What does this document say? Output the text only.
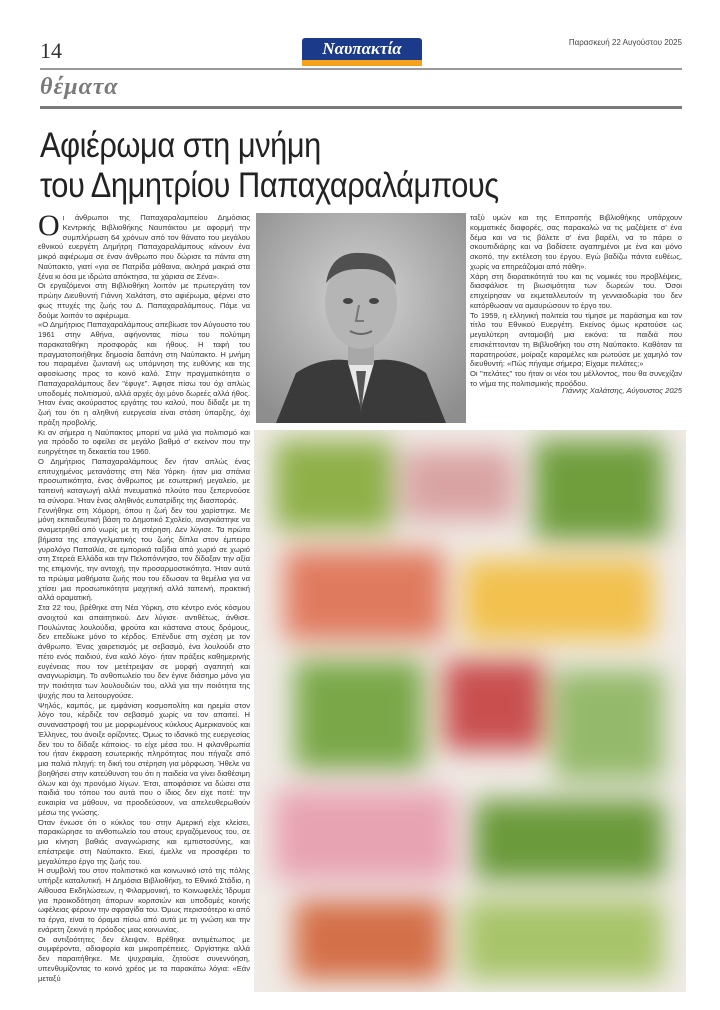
14	Ναυπακτία	Παρασκευή 22 Αυγούστου 2025
θέματα
Αφιέρωμα στη μνήμη
του Δημητρίου Παπαχαραλάμπους
Ο ι άνθρωποι της Παπαχαραλαμπείου Δημόσιας Κεντρικής Βιβλιοθήκης Ναυπάκτου με αφορμή την συμπλήρωση 64 χρόνων από τον θάνατο του μεγάλου εθνικού ευεργέτη Δημήτρη Παπαχαραλάμπους κάνουν ένα μικρό αφιέρωμα σε έναν άνθρωπο που δώρισε τα πάντα στη Ναύπακτο, γιατί «για σε Πατρίδα μάθαινα, ακληρά μακριά στα ξένα κι όσα με ιδρώτα απόκτησα, τα χάρισα σε Σένα».

Οι εργαζόμενοι στη Βιβλιοθήκη λοιπόν με πρωτεργάτη τον πρώην Διευθυντή Γιάννη Χαλάτση, στο αφιέρωμα, φέρνει στο φως πτυχές της ζωής του Δ. Παπαχαραλάμπους. Πάμε να δούμε λοιπόν το αφιέρωμα.

«Ο Δημήτριος Παπαχαραλάμπους απεβίωσε τον Αύγουστο του 1961 στην Αθήνα, αφήνοντας πίσω του πολύτιμη παρακαταθήκη προσφοράς και ήθους. Η ταφή του πραγματοποιήθηκε δημοσία δαπάνη στη Ναύπακτο. Η μνήμη του παραμένει ζωντανή ως υπόμνηση της ευθύνης και της αφοσίωσης προς το κοινό καλό. Στην πραγματικότητα ο Παπαχαραλάμπους δεν "έφυγε". Άφησε πίσω του όχι απλώς υποδομές πολιτισμού, αλλά αρχές όχι μόνο δωρεές αλλά ήθος. Ήταν ένας ακούραστος εργάτης του καλού, που δίδαξε με τη ζωή του ότι η αληθινή ευεργεσία είναι στάση ύπαρξης, όχι πράξη προβολής.

Κι αν σήμερα η Ναύπακτος μπορεί να μιλά για πολιτισμό και για πρόοδο το οφείλει σε μεγάλο βαθμό σ' εκείνον που την ευηργέτησε τη δεκαετία του 1960.

Ο Δημήτριος Παπαχαραλάμπους δεν ήταν απλώς ένας επιτυχημένος μετανάστης στη Νέα Υόρκη· ήταν μια σπάνια προσωπικότητα, ένας άνθρωπος με εσωτερική μεγαλείο, με ταπεινή καταγωγή αλλά πνευματικό πλούτο που ξεπερνούσε τα σύνορα. Ήταν ένας αληθινός ευπατρίδης της διασποράς.

Γεννήθηκε στη Χόμορη, όπου η ζωή δεν του χαρίστηκε. Με μόνη εκπαιδευτική βάση το Δημοτικό Σχολείο, αναγκάστηκε να αναμετρηθεί από νωρίς με τη στέρηση. Δεν λύγισε. Τα πρώτα βήματα της επαγγελματικής του ζωής δίπλα στον έμπειρο γυρολόγο Παπαϊλία, σε εμπορικά ταξίδια από χωριό σε χωριό στη Στερεά Ελλάδα και την Πελοπόννησο, τον δίδαξαν την αξία της επιμονής, την αντοχή, την προσαρμοστικότητα. Ήταν αυτά τα πρώιμα μαθήματα ζωής που του έδωσαν τα θεμέλια για να χτίσει μια προσωπικότητα μαχητική αλλά ταπεινή, πρακτική αλλά οραματική.

Στα 22 του, βρέθηκε στη Νέα Υόρκη, στο κέντρο ενός κόσμου ανοιχτού και απαιτητικού. Δεν λύγισε· αντιθέτως, άνθισε. Πουλώντας λουλούδια, φρούτα και κάστανα στους δρόμους, δεν επεδίωκε μόνο το κέρδος. Επένδυε στη σχέση με τον άνθρωπο. Ένας χαιρετισμός με σεβασμό, ένα λουλούδι στο πέτο ενός παιδιού, ένα καλό λόγο· ήταν πράξεις καθημερινής ευγένειας που τον μετέτρεψαν σε μορφή αγαπητή και αναγνωρίσιμη. Το ανθοπωλείο του δεν έγινε διάσημο μόνο για την ποιότητα των λουλουδιών του, αλλά για την ποιότητα της ψυχής που τα λειτουργούσε.

Ψηλός, καμπός, με εμφάνιση κοσμοπολίτη και ηρεμία στον λόγο του, κέρδιζε τον σεβασμό χωρίς να τον απαιτεί. Η συναναστροφή του με μορφωμένους κύκλους Αμερικανούς και Έλληνες, του άνοιξε ορίζοντες. Όμως το ιδανικό της ευεργεσίας δεν του το δίδαξε κάποιος· το είχε μέσα του. Η φιλανθρωπία του ήταν έκφραση εσωτερικής πληρότητας που πήγαζε από μια παλιά πληγή: τη δική του στέρηση για μόρφωση. Ήθελε να βοηθήσει στην κατεύθυνση του ότι η παιδεία να γίνει διαθέσιμη όλων και όχι προνόμιο λίγων. Έτσι, αποφάσισε να δώσει στα παιδιά του τόπου του αυτά που ο ίδιος δεν είχε ποτέ: την ευκαιρία να μάθουν, να προοδεύσουν, να απελευθερωθούν μέσω της γνώσης.

Όταν ένιωσε ότι ο κύκλος του στην Αμερική είχε κλείσει, παρακώρησε το ανθοπωλείο του στους εργαζόμενους του, σε μια κίνηση βαθιάς αναγνώρισης και εμπιστοσύνης, και επέστρεψε στη Ναύπακτο. Εκεί, έμελλε να προσφέρει το μεγαλύτερο έργο της ζωής του.

Η συμβολή του στον πολιτιστικό και κοινωνικό ιστό της πόλης υπήρξε καταλυτική. Η Δημόσια Βιβλιοθήκη, το Εθνικό Στάδιο, η Αίθουσα Εκδηλώσεων, η Φιλαρμονική, το Κοινωφελές Ίδρυμα για προικοδότηση άπορων κοριτσιών και υποδομές κοινής ωφέλειας φέρουν την σφραγίδα του. Όμως περισσότερο κι από τα έργα, είναι το όραμα πίσω από αυτά με τη γνώση και την ενάρετη ζεκινά η πρόοδος μιας κοινωνίας.

Οι αντιξοότητες δεν έλειψαν. Βρέθηκε αντιμέτωπος με συμφέροντα, αδιαφορία και μικροπρέπειες. Οργίστηκε αλλά δεν παραιτήθηκε. Με ψυχραιμία, ζητούσε συνεννόηση, υπενθυμίζοντας το κοινό χρέος με τα παρακάτω λόγια: «Εάν μεταξύ

ταξύ υμών και της Επιτροπής Βιβλιοθήκης υπάρχουν κομματικές διαφορές, σας παρακαλώ να τις μαζέψετε σ' ένα δέμα και να τις βάλετε σ' ένα βαρέλι, να το πάρει ο σκουπιδιάρης και να βαδίσετε αγαπημένοι με ένα και μόνο σκοπό, την εκτέλεση του έργου. Εγώ βαδίζω πάντα ευθέως, χωρίς να επηρεάζομαι από πάθη».

Χάρη στη διορατικότητά του και τις νομικές του προβλέψεις, διασφάλισε τη βιωσιμότητα των δωρεών του. Όσοι επιχείρησαν να εκμεταλλευτούν τη γενναιοδωρία του δεν κατόρθωσαν να αμαυρώσουν το έργο του.

Το 1959, η ελληνική πολιτεία του τίμησε με παράσημα και τον τίτλο του Εθνικού Ευεργέτη. Εκείνος όμως κρατούσε ως μεγαλύτερη ανταμοιβή μια εικόνα: τα παιδιά που επισκέπτονταν τη Βιβλιοθήκη του στη Ναύπακτο. Καθόταν τα παρατηρούσε, μοίραζε καραμέλες και ρωτούσε με χαμηλό τον διευθυντή: «Πώς πήγαμε σήμερα; Είχαμε πελάτες;»

Οι "πελάτες" του ήταν οι νέοι του μέλλοντος, που θα συνεχίζαν το νήμα της πολιτισμικής προόδου.

Γιάννης Χαλάτσης, Αύγουστος 2025
